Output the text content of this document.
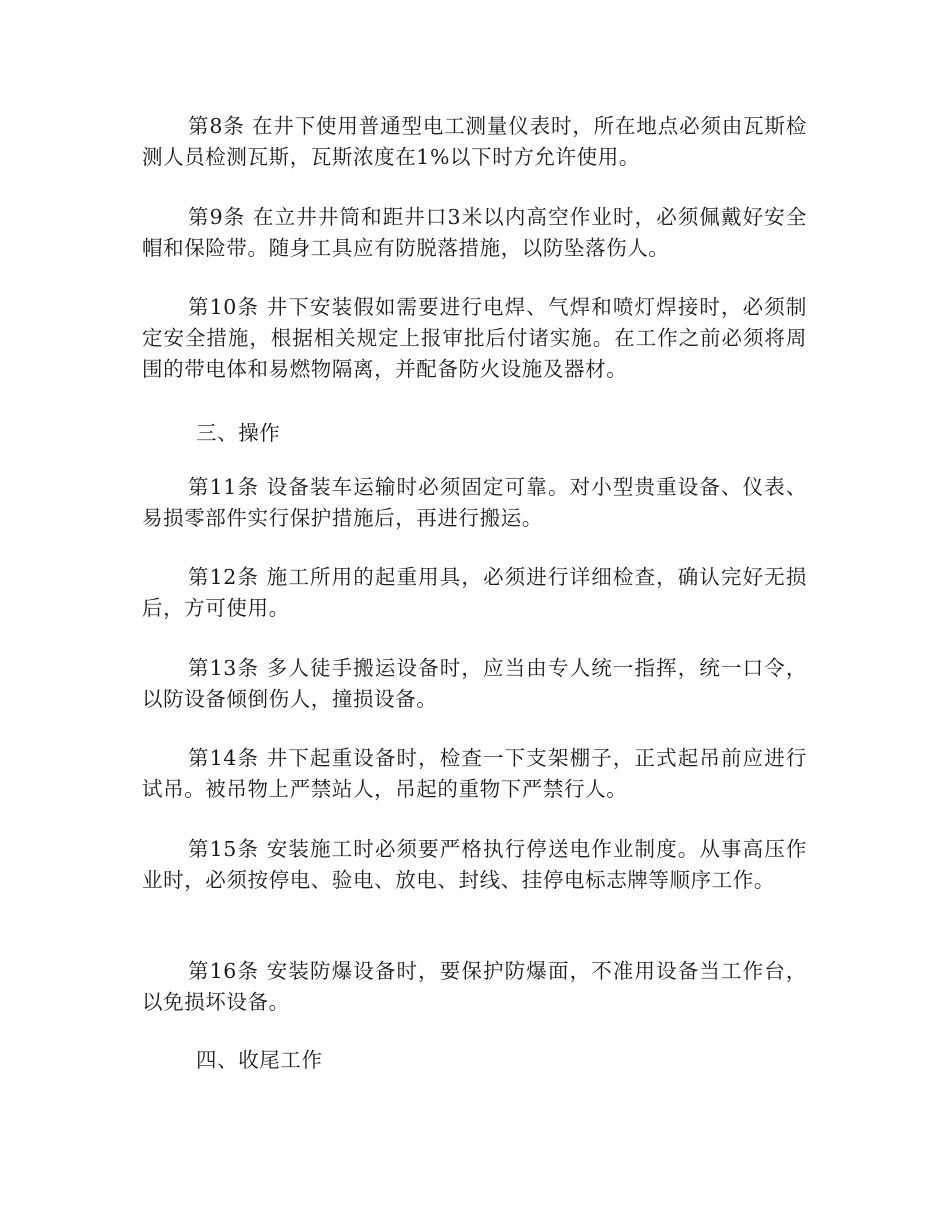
第8条 在井下使用普通型电工测量仪表时，所在地点必须由瓦斯检测人员检测瓦斯，瓦斯浓度在1%以下时方允许使用。

第9条 在立井井筒和距井口3米以内高空作业时，必须佩戴好安全帽和保险带。随身工具应有防脱落措施，以防坠落伤人。

第10条 井下安装假如需要进行电焊、气焊和喷灯焊接时，必须制定安全措施，根据相关规定上报审批后付诸实施。在工作之前必须将周围的带电体和易燃物隔离，并配备防火设施及器材。

三、操作

第11条 设备装车运输时必须固定可靠。对小型贵重设备、仪表、易损零部件实行保护措施后，再进行搬运。

第12条 施工所用的起重用具，必须进行详细检查，确认完好无损后，方可使用。

第13条 多人徒手搬运设备时，应当由专人统一指挥，统一口令，以防设备倾倒伤人，撞损设备。

第14条 井下起重设备时，检查一下支架棚子，正式起吊前应进行试吊。被吊物上严禁站人，吊起的重物下严禁行人。

第15条 安装施工时必须要严格执行停送电作业制度。从事高压作业时，必须按停电、验电、放电、封线、挂停电标志牌等顺序工作。

第16条 安装防爆设备时，要保护防爆面，不准用设备当工作台，以免损坏设备。

四、收尾工作
